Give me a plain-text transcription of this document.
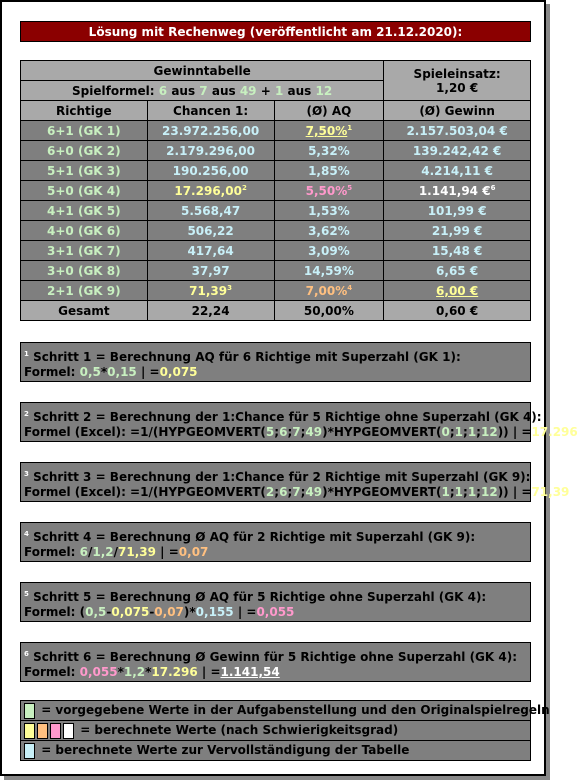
Lösung mit Rechenweg (veröffentlicht am 21.12.2020):
Gewinntabelle			Spieleinsatz:
1,20 €

Spielformel: 6 aus 7 aus 49 + 1 aus 12			
Richtige	Chancen 1:	(Ø) AQ	(Ø) Gewinn
6+1 (GK 1)	23.972.256,00	7,50%$^1$	2.157.503,04 €
6+0 (GK 2)	2.179.296,00	5,32%	139.242,42 €
5+1 (GK 3)	190.256,00	1,85%	4.214,11 €
5+0 (GK 4)	17.296,00$^2$	5,50%$^5$	1.141,94 €$^6$
4+1 (GK 5)	5.568,47	1,53%	101,99 €
4+0 (GK 6)	506,22	3,62%	21,99 €
3+1 (GK 7)	417,64	3,09%	15,48 €
3+0 (GK 8)	37,97	14,59%	6,65 €
2+1 (GK 9)	71,39$^3$	7,00%$^4$	6,00 €
Gesamt	22,24	50,00%	0,60 €
$^1$ Schritt 1 = Berechnung AQ für 6 Richtige mit Superzahl (GK 1):
Formel: 0,5*0,15 | =0,075
$^2$ Schritt 2 = Berechnung der 1:Chance für 5 Richtige ohne Superzahl (GK 4):
Formel (Excel): =1/(HYPGEOMVERT(5;6;7;49)*HYPGEOMVERT(0;1;1;12)) | =17.296
$^3$ Schritt 3 = Berechnung der 1:Chance für 2 Richtige mit Superzahl (GK 9):
Formel (Excel): =1/(HYPGEOMVERT(2;6;7;49)*HYPGEOMVERT(1;1;1;12)) | =71,39
$^4$ Schritt 4 = Berechnung Ø AQ für 2 Richtige mit Superzahl (GK 9):
Formel: 6/1,2/71,39 | =0,07
$^5$ Schritt 5 = Berechnung Ø AQ für 5 Richtige ohne Superzahl (GK 4):
Formel: (0,5-0,075-0,07)*0,155 | =0,055
$^6$ Schritt 6 = Berechnung Ø Gewinn für 5 Richtige ohne Superzahl (GK 4):
Formel: 0,055*1,2*17.296 | =1.141,54
= vorgegebene Werte in der Aufgabenstellung und den Originalspielregeln
= berechnete Werte (nach Schwierigkeitsgrad)
= berechnete Werte zur Vervollständigung der Tabelle
